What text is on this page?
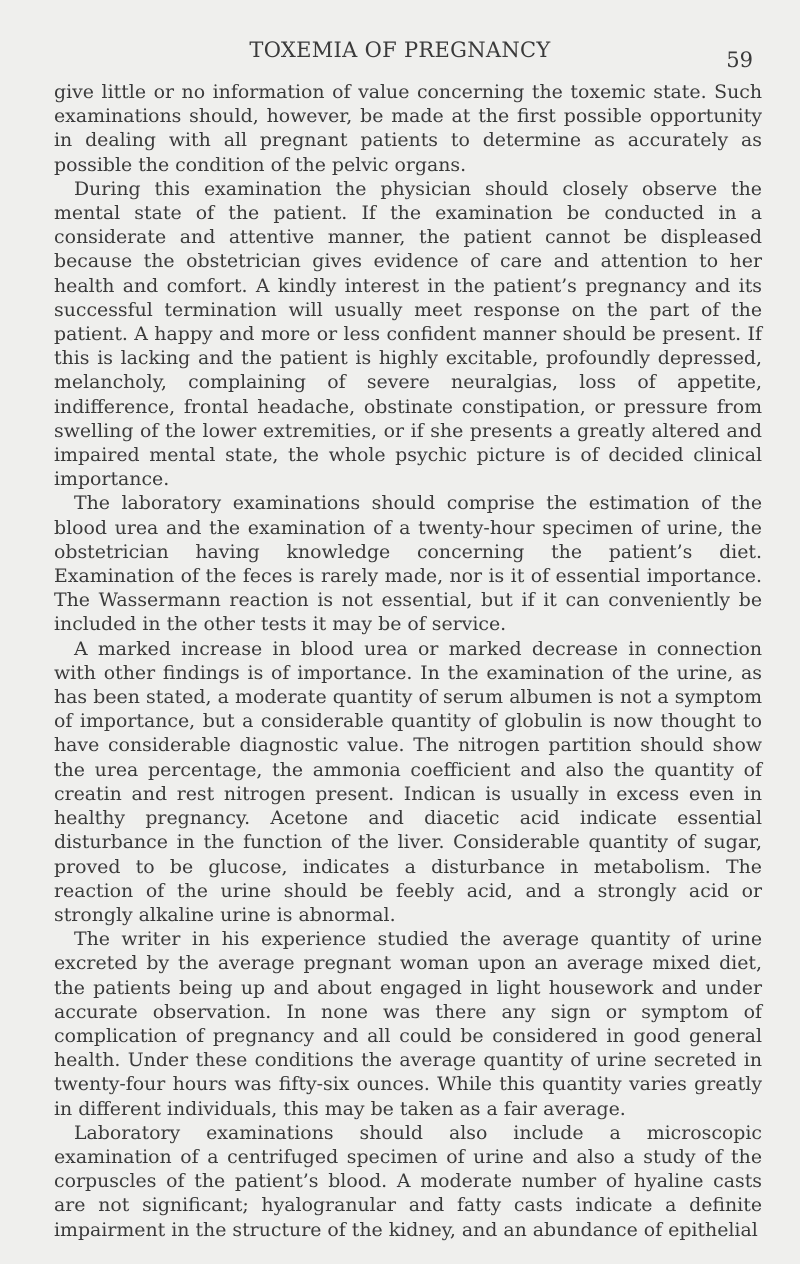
TOXEMIA OF PREGNANCY	59

give little or no information of value concerning the toxemic state. Such examinations should, however, be made at the first possible opportunity in dealing with all pregnant patients to determine as accurately as possible the condition of the pelvic organs.

During this examination the physician should closely observe the mental state of the patient. If the examination be conducted in a considerate and attentive manner, the patient cannot be displeased because the obstetrician gives evidence of care and attention to her health and comfort. A kindly interest in the patient’s pregnancy and its successful termination will usually meet response on the part of the patient. A happy and more or less confident manner should be present. If this is lacking and the patient is highly excitable, profoundly depressed, melancholy, complaining of severe neuralgias, loss of appetite, indifference, frontal headache, obstinate constipation, or pressure from swelling of the lower extremities, or if she presents a greatly altered and impaired mental state, the whole psychic picture is of decided clinical importance.

The laboratory examinations should comprise the estimation of the blood urea and the examination of a twenty-hour specimen of urine, the obstetrician having knowledge concerning the patient’s diet. Examination of the feces is rarely made, nor is it of essential importance. The Wassermann reaction is not essential, but if it can conveniently be included in the other tests it may be of service.

A marked increase in blood urea or marked decrease in connection with other findings is of importance. In the examination of the urine, as has been stated, a moderate quantity of serum albumen is not a symptom of importance, but a considerable quantity of globulin is now thought to have considerable diagnostic value. The nitrogen partition should show the urea percentage, the ammonia coefficient and also the quantity of creatin and rest nitrogen present. Indican is usually in excess even in healthy pregnancy. Acetone and diacetic acid indicate essential disturbance in the function of the liver. Considerable quantity of sugar, proved to be glucose, indicates a disturbance in metabolism. The reaction of the urine should be feebly acid, and a strongly acid or strongly alkaline urine is abnormal.

The writer in his experience studied the average quantity of urine excreted by the average pregnant woman upon an average mixed diet, the patients being up and about engaged in light housework and under accurate observation. In none was there any sign or symptom of complication of pregnancy and all could be considered in good general health. Under these conditions the average quantity of urine secreted in twenty-four hours was fifty-six ounces. While this quantity varies greatly in different individuals, this may be taken as a fair average.

Laboratory examinations should also include a microscopic examination of a centrifuged specimen of urine and also a study of the corpuscles of the patient’s blood. A moderate number of hyaline casts are not significant; hyalogranular and fatty casts indicate a definite impairment in the structure of the kidney, and an abundance of epithelial
